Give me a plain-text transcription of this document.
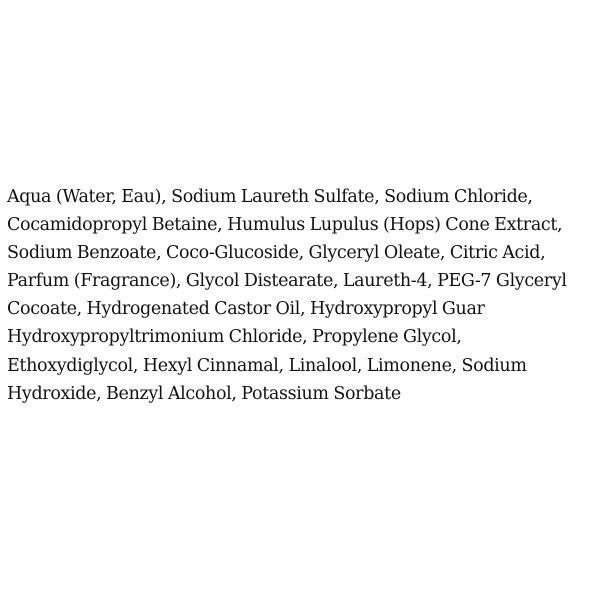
Aqua (Water, Eau), Sodium Laureth Sulfate, Sodium Chloride,
Cocamidopropyl Betaine, Humulus Lupulus (Hops) Cone Extract,
Sodium Benzoate, Coco-Glucoside, Glyceryl Oleate, Citric Acid,
Parfum (Fragrance), Glycol Distearate, Laureth-4, PEG-7 Glyceryl
Cocoate, Hydrogenated Castor Oil, Hydroxypropyl Guar
Hydroxypropyltrimonium Chloride, Propylene Glycol,
Ethoxydiglycol, Hexyl Cinnamal, Linalool, Limonene, Sodium
Hydroxide, Benzyl Alcohol, Potassium Sorbate
